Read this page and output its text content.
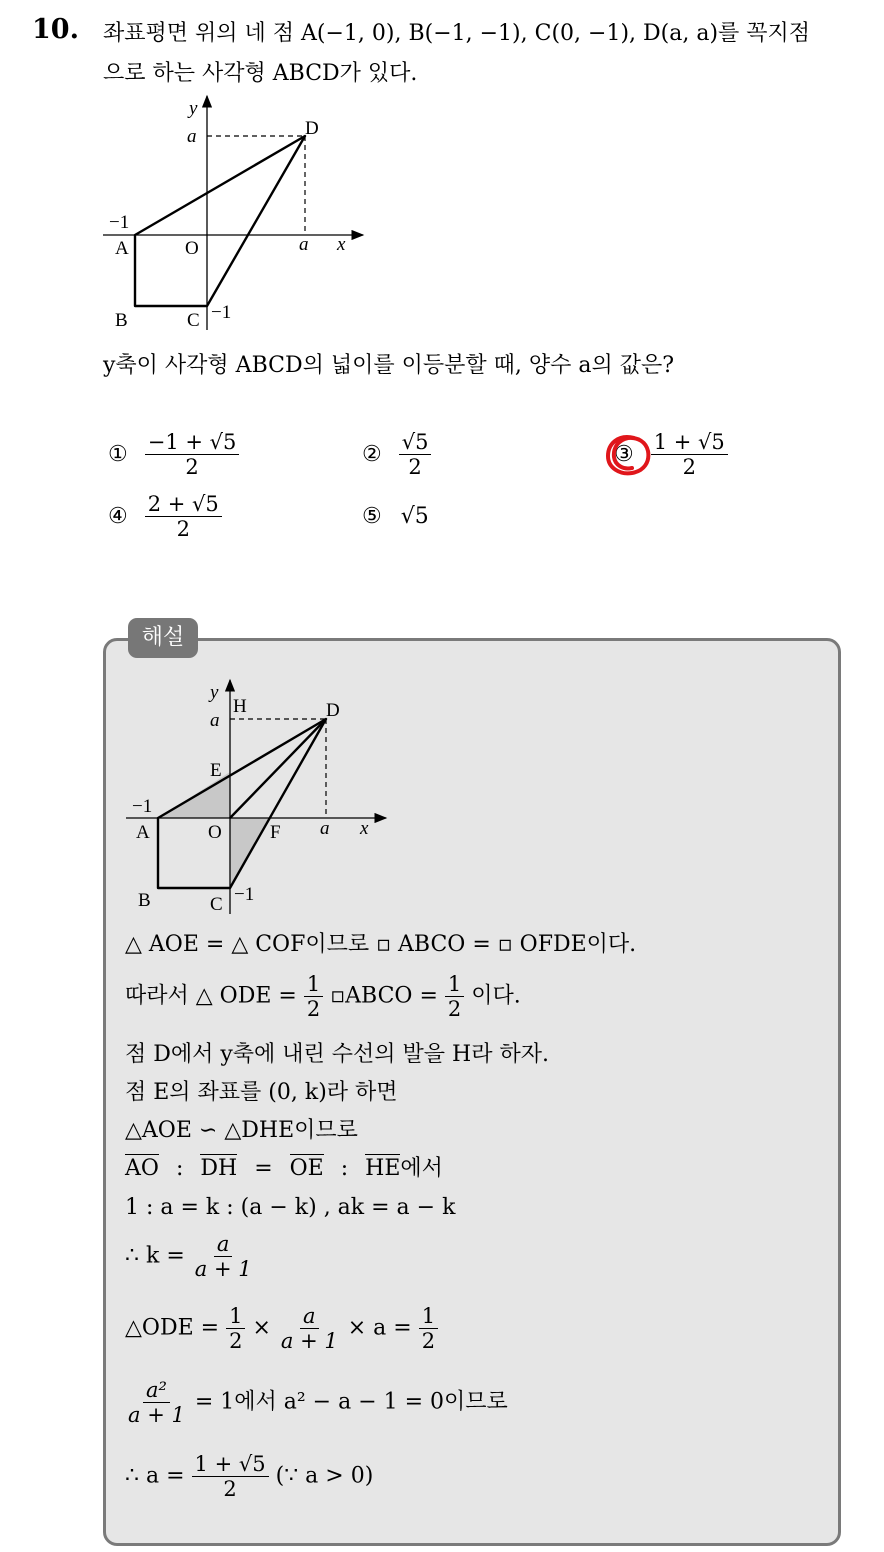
10. 좌표평면 위의 네 점 A(−1, 0), B(−1, −1), C(0, −1), D(a, a)를 꼭지점
으로 하는 사각형 ABCD가 있다.
y
a	D
−1
A	O	a x
B	C −1
y축이 사각형 ABCD의 넓이를 이등분할 때, 양수 a의 값은?
① $\frac{-1 + √5}{2}$	② $\frac{√5}{2}$	③ $\frac{1 + √5}{2}$
④ $\frac{2 + √5}{2}$	⑤ √5
해설
y
H
a	D
E
−1
A	O	F a x
B	C −1
△ AOE = △ COF이므로 ▫ ABCO = ▫ OFDE이다.
따라서 △ ODE = $\frac{1}{2}$ ▫ABCO = $\frac{1}{2}$ 이다.
점 D에서 y축에 내린 수선의 발을 H라 하자.
점 E의 좌표를 (0, k)라 하면
△AOE ∽ △DHE이므로
AO : DH = OE : HE에서
1 : a = k : (a − k) , ak = a − k
∴ $k = \frac{a}{a + 1}$
△ODE = $\frac{1}{2} \times \frac{a}{a + 1} \times a = \frac{1}{2}$
$\frac{\text{a²}}{a + 1} = 1$에서 a² − a − 1 = 0이므로
∴ $a = \frac{1 + √5}{2}$ (∵ a > 0)
